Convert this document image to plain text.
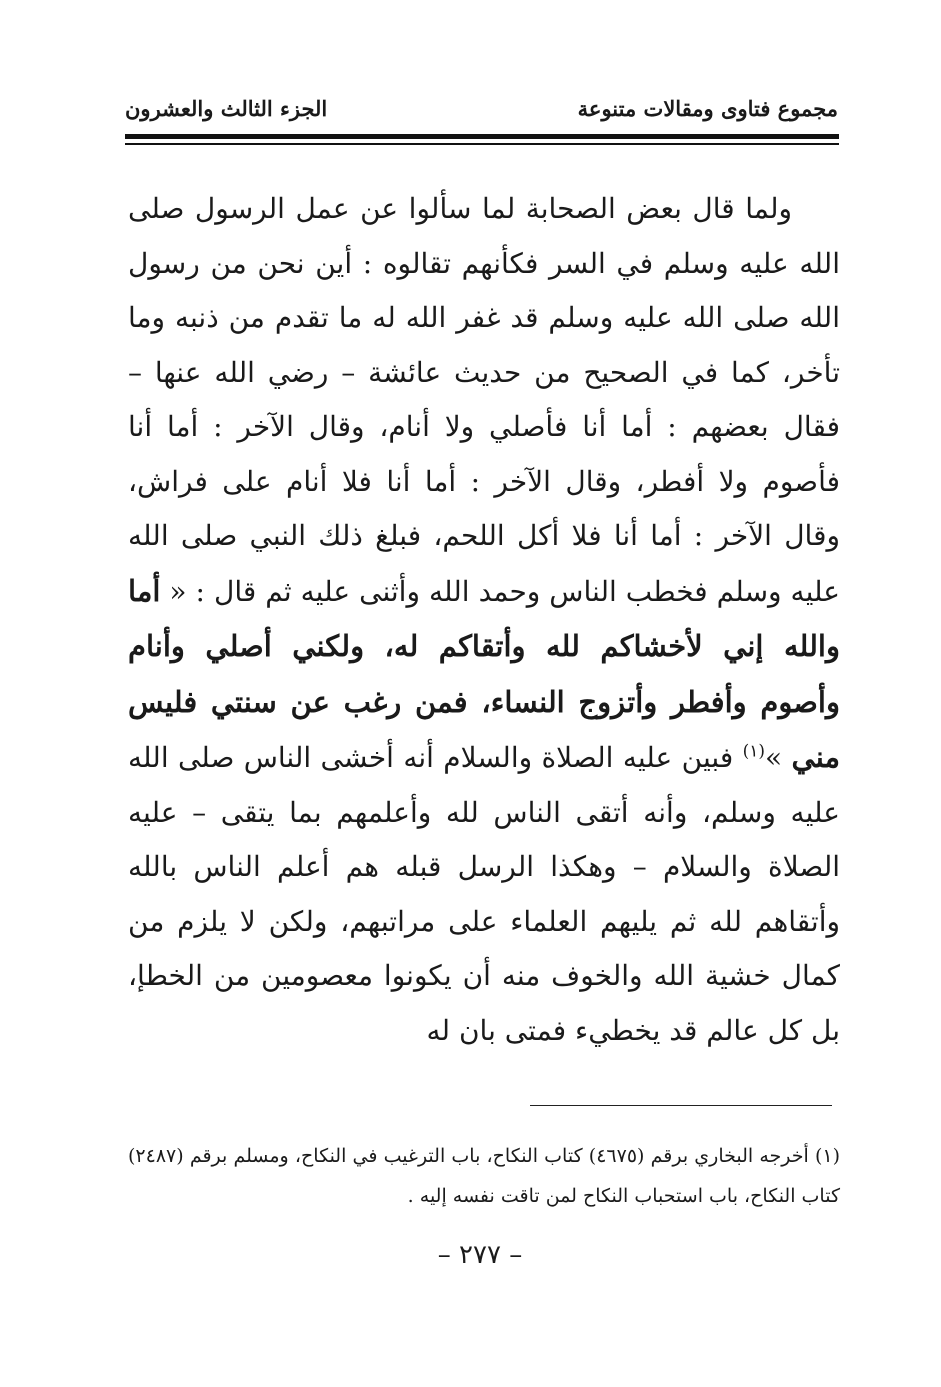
مجموع فتاوى ومقالات متنوعة
الجزء الثالث والعشرون

ولما قال بعض الصحابة لما سألوا عن عمل الرسول صلى الله عليه وسلم في السر فكأنهم تقالوه : أين نحن من رسول الله صلى الله عليه وسلم قد غفر الله له ما تقدم من ذنبه وما تأخر، كما في الصحيح من حديث عائشة – رضي الله عنها – فقال بعضهم : أما أنا فأصلي ولا أنام، وقال الآخر : أما أنا فأصوم ولا أفطر، وقال الآخر : أما أنا فلا أنام على فراش، وقال الآخر : أما أنا فلا أكل اللحم، فبلغ ذلك النبي صلى الله عليه وسلم فخطب الناس وحمد الله وأثنى عليه ثم قال : « أما والله إني لأخشاكم لله وأتقاكم له، ولكني أصلي وأنام وأصوم وأفطر وأتزوج النساء، فمن رغب عن سنتي فليس مني »$^{(١)}$ فبين عليه الصلاة والسلام أنه أخشى الناس صلى الله عليه وسلم، وأنه أتقى الناس لله وأعلمهم بما يتقى – عليه الصلاة والسلام – وهكذا الرسل قبله هم أعلم الناس بالله وأتقاهم لله ثم يليهم العلماء على مراتبهم، ولكن لا يلزم من كمال خشية الله والخوف منه أن يكونوا معصومين من الخطإ، بل كل عالم قد يخطيء فمتى بان له

(١) أخرجه البخاري برقم (٤٦٧٥) كتاب النكاح، باب الترغيب في النكاح، ومسلم برقم (٢٤٨٧) كتاب النكاح، باب استحباب النكاح لمن تاقت نفسه إليه .

– ٢٧٧ –
